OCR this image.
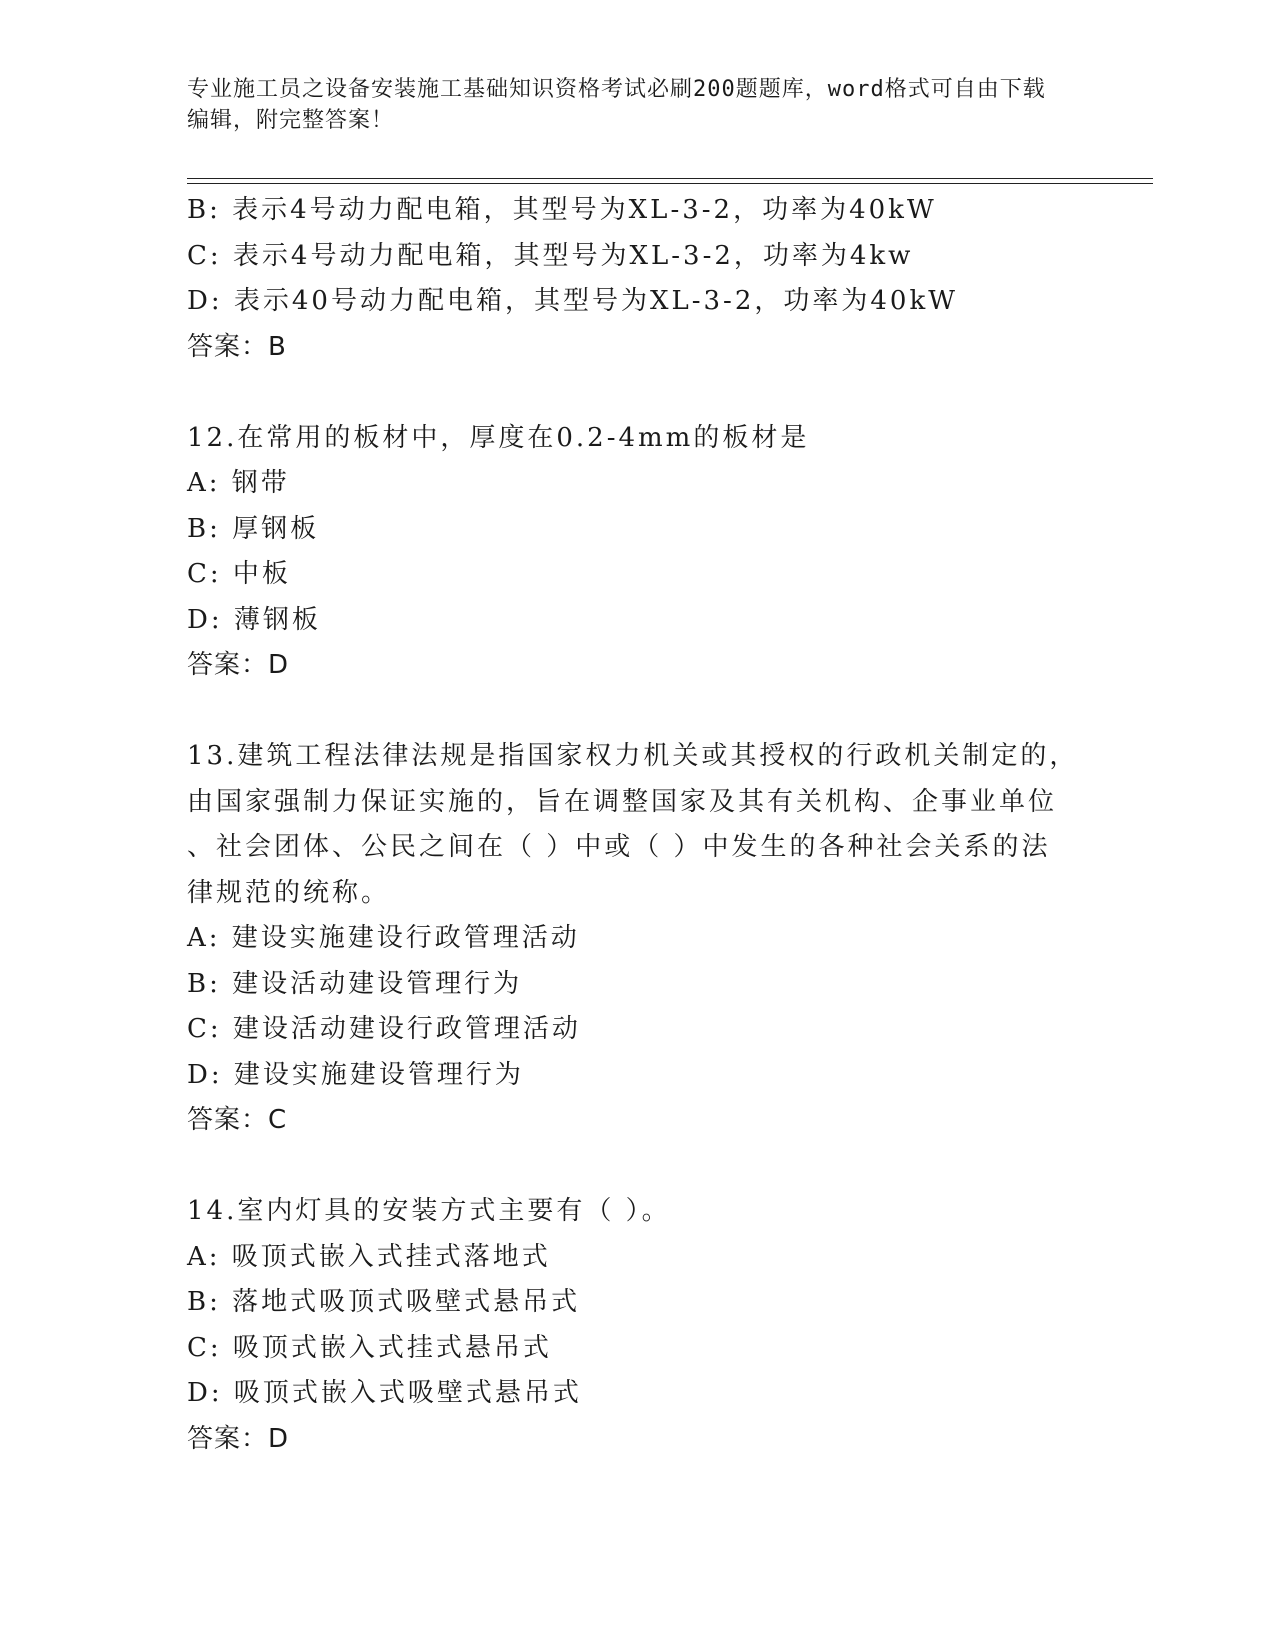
专业施工员之设备安装施工基础知识资格考试必刷200题题库，word格式可自由下载编辑，附完整答案！
B: 表示4号动力配电箱，其型号为XL-3-2，功率为40kW
C: 表示4号动力配电箱，其型号为XL-3-2，功率为4kw
D: 表示40号动力配电箱，其型号为XL-3-2，功率为40kW
答案：B
12.在常用的板材中，厚度在0.2-4mm的板材是
A: 钢带
B: 厚钢板
C: 中板
D: 薄钢板
答案：D
13.建筑工程法律法规是指国家权力机关或其授权的行政机关制定的，
由国家强制力保证实施的，旨在调整国家及其有关机构、企事业单位
、社会团体、公民之间在（ ）中或（ ）中发生的各种社会关系的法
律规范的统称。
A: 建设实施建设行政管理活动
B: 建设活动建设管理行为
C: 建设活动建设行政管理活动
D: 建设实施建设管理行为
答案：C
14.室内灯具的安装方式主要有（ ）。
A: 吸顶式嵌入式挂式落地式
B: 落地式吸顶式吸壁式悬吊式
C: 吸顶式嵌入式挂式悬吊式
D: 吸顶式嵌入式吸壁式悬吊式
答案：D
